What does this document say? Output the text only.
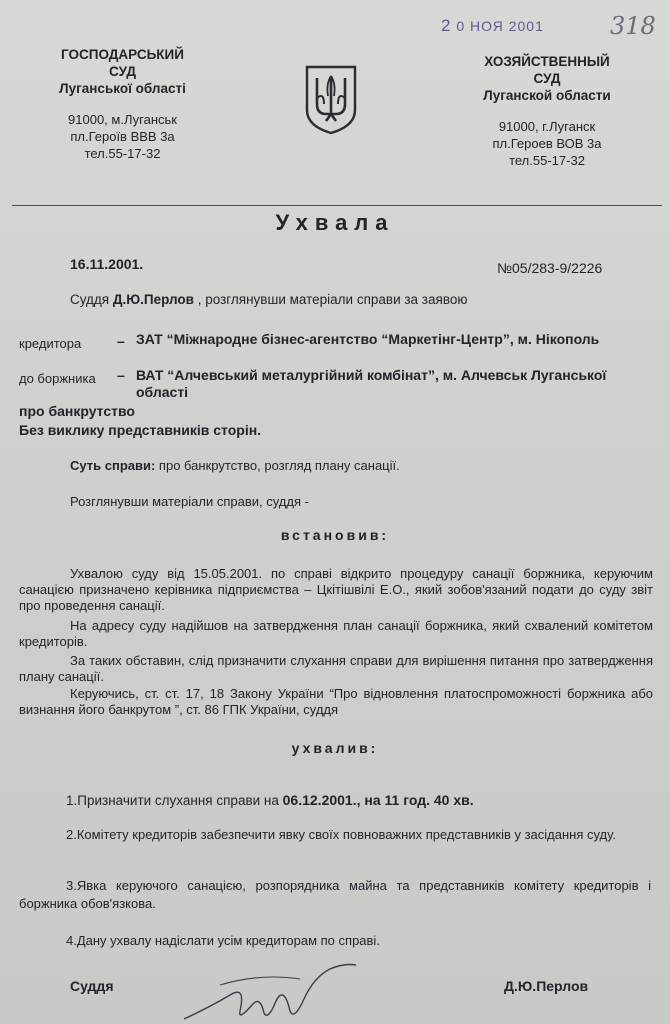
2 0 НОЯ 2001	318
ГОСПОДАРСЬКИЙ
СУД
Луганської області
91000, м.Луганськ
пл.Героїв ВВВ 3а
тел.55-17-32
ХОЗЯЙСТВЕННЫЙ
СУД
Луганской области
91000, г.Луганск
пл.Героев ВОВ 3а
тел.55-17-32
Ухвала
16.11.2001.	№05/283-9/2226
Суддя Д.Ю.Перлов , розглянувши матеріали справи за заявою
кредитора	– ЗАТ “Міжнародне бізнес-агентство “Маркетінг-Центр”, м. Нікополь
до боржника – ВАТ “Алчевський металургійний комбінат”, м. Алчевськ Луганської області
про банкрутство
Без виклику представників сторін.
Суть справи: про банкрутство, розгляд плану санації.
Розглянувши матеріали справи, суддя -
встановив:
Ухвалою суду від 15.05.2001. по справі відкрито процедуру санації боржника, керуючим санацією призначено керівника підприємства – Цкітішвілі Е.О., який зобов'язаний подати до суду звіт про проведення санації.
На адресу суду надійшов на затвердження план санації боржника, який схвалений комітетом кредиторів.
За таких обставин, слід призначити слухання справи для вирішення питання про затвердження плану санації.
Керуючись, ст. ст. 17, 18 Закону України “Про відновлення платоспроможності боржника або визнання його банкрутом ”, ст. 86 ГПК України, суддя
ухвалив:
1.Призначити слухання справи на 06.12.2001., на 11 год. 40 хв.
2.Комітету кредиторів забезпечити явку своїх повноважних представників у засідання суду.
3.Явка керуючого санацією, розпорядника майна та представників комітету кредиторів і боржника обов'язкова.
4.Дану ухвалу надіслати усім кредиторам по справі.
Суддя	Д.Ю.Перлов
